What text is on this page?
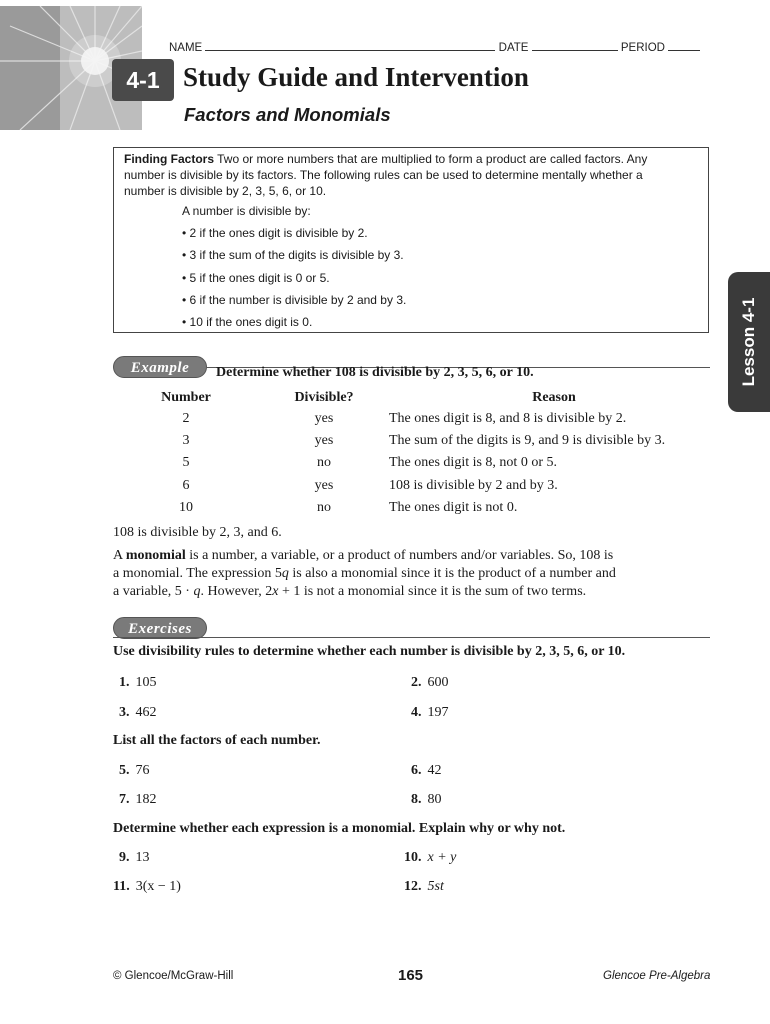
NAME	DATE	PERIOD
4-1 Study Guide and Intervention
Factors and Monomials
Finding Factors Two or more numbers that are multiplied to form a product are called factors. Any
number is divisible by its factors. The following rules can be used to determine mentally whether a
number is divisible by 2, 3, 5, 6, or 10.
A number is divisible by:
• 2 if the ones digit is divisible by 2.
• 3 if the sum of the digits is divisible by 3.
• 5 if the ones digit is 0 or 5.
• 6 if the number is divisible by 2 and by 3.
• 10 if the ones digit is 0.	Lesson 4-1
Example	Determine whether 108 is divisible by 2, 3, 5, 6, or 10.
Number	Divisible?	Reason
2	yes	The ones digit is 8, and 8 is divisible by 2.
3	yes	The sum of the digits is 9, and 9 is divisible by 3.
5	no	The ones digit is 8, not 0 or 5.
6	yes	108 is divisible by 2 and by 3.
10	no	The ones digit is not 0.
108 is divisible by 2, 3, and 6.
A monomial is a number, a variable, or a product of numbers and/or variables. So, 108 is
a monomial. The expression 5q is also a monomial since it is the product of a number and
a variable, 5 · q. However, 2x + 1 is not a monomial since it is the sum of two terms.
Exercises
Use divisibility rules to determine whether each number is divisible by 2, 3, 5, 6, or 10.
1. 105	2. 600
3. 462	4. 197
List all the factors of each number.
5. 76	6. 42
7. 182	8. 80
Determine whether each expression is a monomial. Explain why or why not.
9. 13	10. x + y
11. 3(x − 1)	12. 5st
© Glencoe/McGraw-Hill	165	Glencoe Pre-Algebra
